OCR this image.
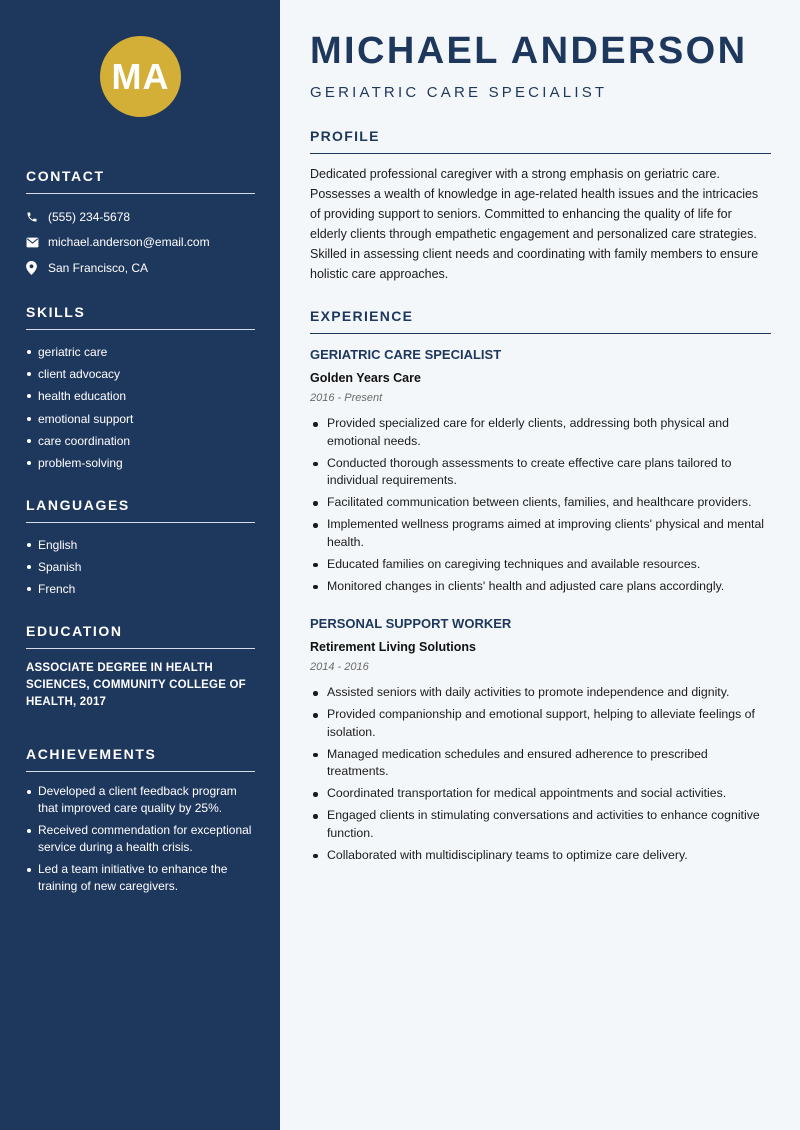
MA
CONTACT
(555) 234-5678
michael.anderson@email.com
San Francisco, CA
SKILLS
geriatric care
client advocacy
health education
emotional support
care coordination
problem-solving
LANGUAGES
English
Spanish
French
EDUCATION
ASSOCIATE DEGREE IN HEALTH SCIENCES, COMMUNITY COLLEGE OF HEALTH, 2017
ACHIEVEMENTS
Developed a client feedback program that improved care quality by 25%.
Received commendation for exceptional service during a health crisis.
Led a team initiative to enhance the training of new caregivers.
MICHAEL ANDERSON
GERIATRIC CARE SPECIALIST
PROFILE
Dedicated professional caregiver with a strong emphasis on geriatric care. Possesses a wealth of knowledge in age-related health issues and the intricacies of providing support to seniors. Committed to enhancing the quality of life for elderly clients through empathetic engagement and personalized care strategies. Skilled in assessing client needs and coordinating with family members to ensure holistic care approaches.
EXPERIENCE
GERIATRIC CARE SPECIALIST
Golden Years Care
2016 - Present
Provided specialized care for elderly clients, addressing both physical and emotional needs.
Conducted thorough assessments to create effective care plans tailored to individual requirements.
Facilitated communication between clients, families, and healthcare providers.
Implemented wellness programs aimed at improving clients' physical and mental health.
Educated families on caregiving techniques and available resources.
Monitored changes in clients' health and adjusted care plans accordingly.
PERSONAL SUPPORT WORKER
Retirement Living Solutions
2014 - 2016
Assisted seniors with daily activities to promote independence and dignity.
Provided companionship and emotional support, helping to alleviate feelings of isolation.
Managed medication schedules and ensured adherence to prescribed treatments.
Coordinated transportation for medical appointments and social activities.
Engaged clients in stimulating conversations and activities to enhance cognitive function.
Collaborated with multidisciplinary teams to optimize care delivery.
